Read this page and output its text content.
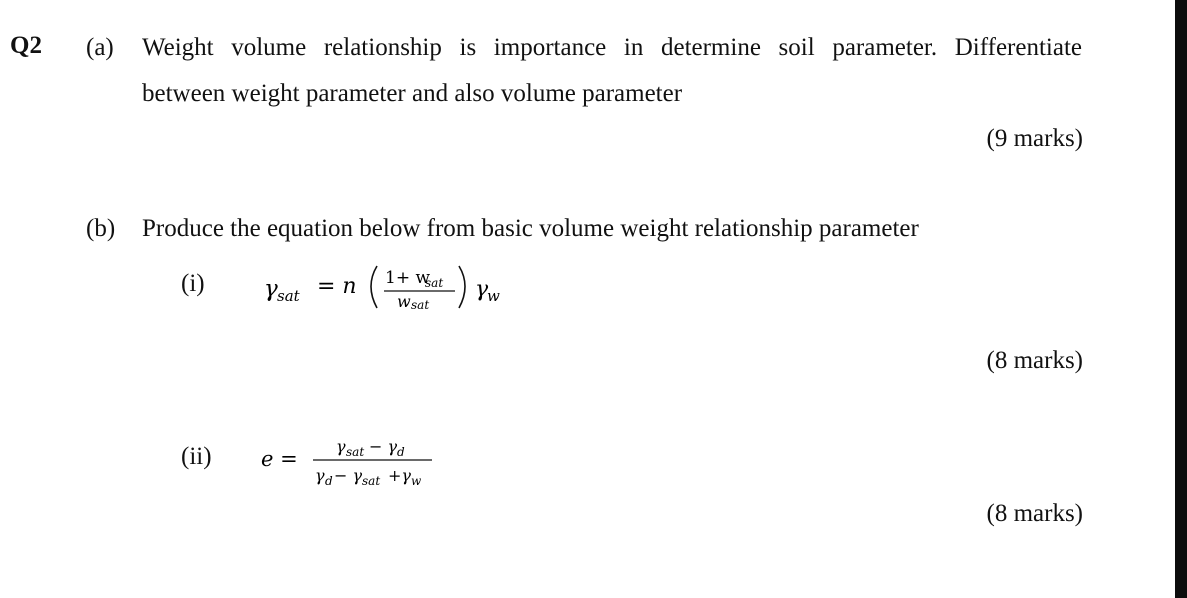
Q2 (a) Weight volume relationship is importance in determine soil parameter. Differentiate
between weight parameter and also volume parameter
(9 marks)
(b) Produce the equation below from basic volume weight relationship parameter
(i)	γ sat = n 1+ w
sat
w sat
γ
w
(8 marks)
(ii) e =
γ sat − γ d
γ d − γ sat +γ w
(8 marks)
